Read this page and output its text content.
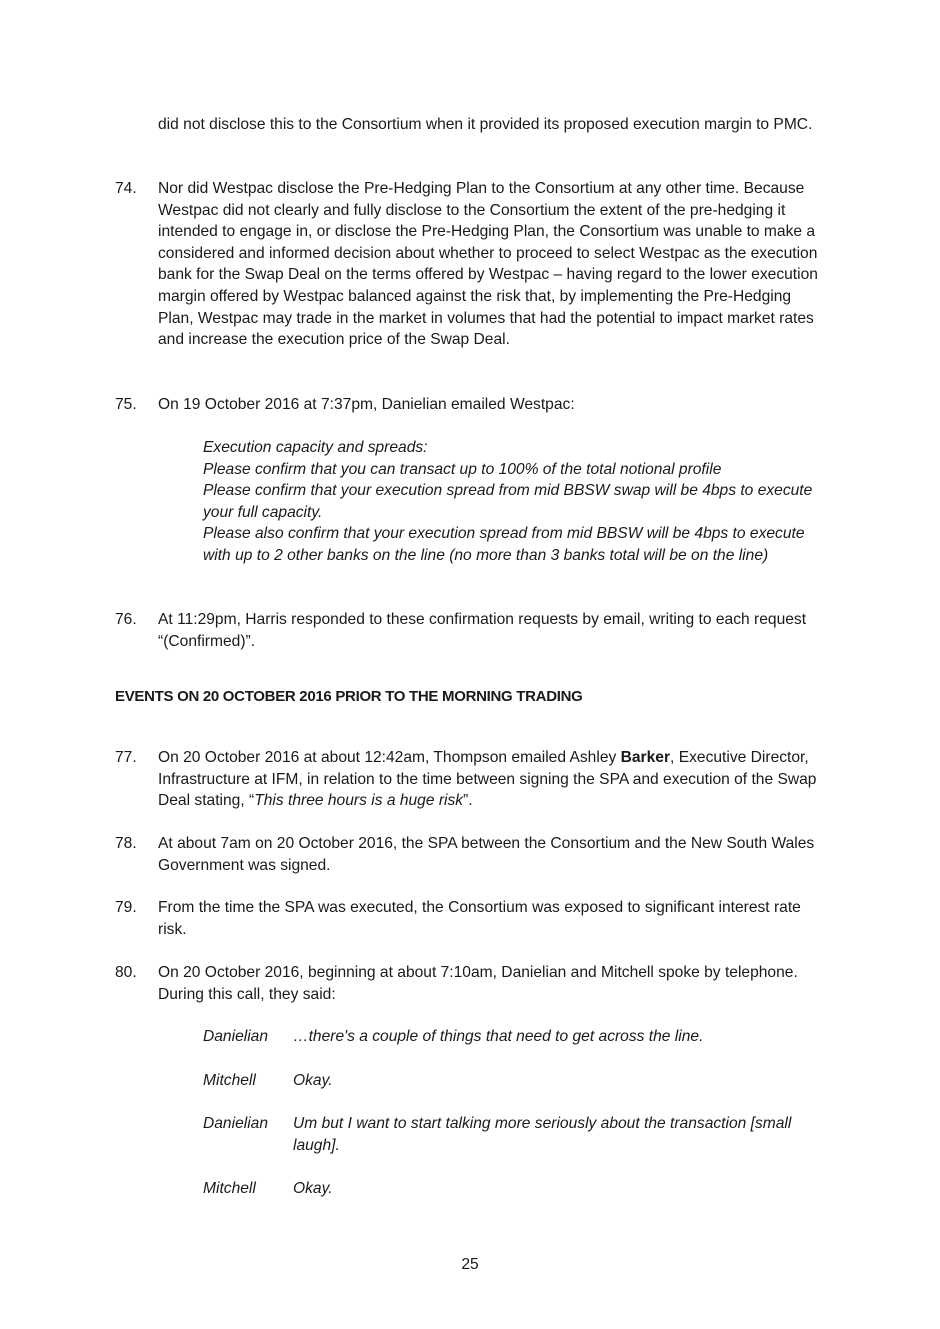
did not disclose this to the Consortium when it provided its proposed execution margin to PMC.
74.	Nor did Westpac disclose the Pre-Hedging Plan to the Consortium at any other time. Because Westpac did not clearly and fully disclose to the Consortium the extent of the pre-hedging it intended to engage in, or disclose the Pre-Hedging Plan, the Consortium was unable to make a considered and informed decision about whether to proceed to select Westpac as the execution bank for the Swap Deal on the terms offered by Westpac – having regard to the lower execution margin offered by Westpac balanced against the risk that, by implementing the Pre-Hedging Plan, Westpac may trade in the market in volumes that had the potential to impact market rates and increase the execution price of the Swap Deal.
75.	On 19 October 2016 at 7:37pm, Danielian emailed Westpac:
Execution capacity and spreads:
Please confirm that you can transact up to 100% of the total notional profile
Please confirm that your execution spread from mid BBSW swap will be 4bps to execute your full capacity.
Please also confirm that your execution spread from mid BBSW will be 4bps to execute with up to 2 other banks on the line (no more than 3 banks total will be on the line)
76.	At 11:29pm, Harris responded to these confirmation requests by email, writing to each request “(Confirmed)”.
EVENTS ON 20 OCTOBER 2016 PRIOR TO THE MORNING TRADING
77.	On 20 October 2016 at about 12:42am, Thompson emailed Ashley Barker, Executive Director, Infrastructure at IFM, in relation to the time between signing the SPA and execution of the Swap Deal stating, “This three hours is a huge risk”.
78.	At about 7am on 20 October 2016, the SPA between the Consortium and the New South Wales Government was signed.
79.	From the time the SPA was executed, the Consortium was exposed to significant interest rate risk.
80.	On 20 October 2016, beginning at about 7:10am, Danielian and Mitchell spoke by telephone. During this call, they said:
Danielian	…there's a couple of things that need to get across the line.
Mitchell	Okay.
Danielian	Um but I want to start talking more seriously about the transaction [small laugh].
Mitchell	Okay.
25
